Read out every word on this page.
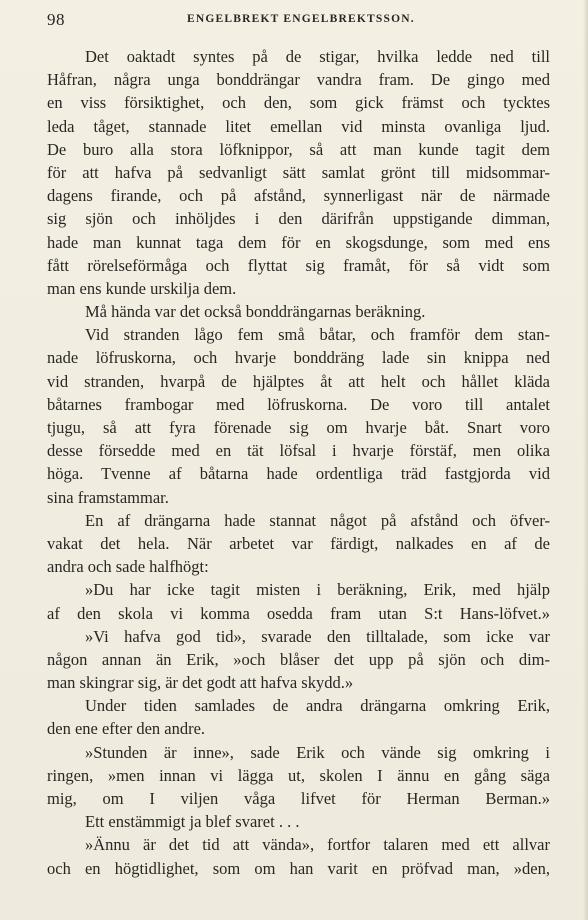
98	ENGELBREKT ENGELBREKTSSON.
Det oaktadt syntes på de stigar, hvilka ledde ned till
Håfran, några unga bonddrängar vandra fram. De gingo med
en viss försiktighet, och den, som gick främst och tycktes
leda tåget, stannade litet emellan vid minsta ovanliga ljud.
De buro alla stora löfknippor, så att man kunde tagit dem
för att hafva på sedvanligt sätt samlat grönt till midsommar-
dagens firande, och på afstånd, synnerligast när de närmade
sig sjön och inhöljdes i den därifrån uppstigande dimman,
hade man kunnat taga dem för en skogsdunge, som med ens
fått rörelseförmåga och flyttat sig framåt, för så vidt som
man ens kunde urskilja dem.
Må hända var det också bonddrängarnas beräkning.
Vid stranden lågo fem små båtar, och framför dem stan-
nade löfruskorna, och hvarje bonddräng lade sin knippa ned
vid stranden, hvarpå de hjälptes åt att helt och hållet kläda
båtarnes frambogar med löfruskorna. De voro till antalet
tjugu, så att fyra förenade sig om hvarje båt. Snart voro
desse försedde med en tät löfsal i hvarje förstäf, men olika
höga. Tvenne af båtarna hade ordentliga träd fastgjorda vid
sina framstammar.
En af drängarna hade stannat något på afstånd och öfver-
vakat det hela. När arbetet var färdigt, nalkades en af de
andra och sade halfhögt:
»Du har icke tagit misten i beräkning, Erik, med hjälp
af den skola vi komma osedda fram utan S:t Hans-löfvet.»
»Vi hafva god tid», svarade den tilltalade, som icke var
någon annan än Erik, »och blåser det upp på sjön och dim-
man skingrar sig, är det godt att hafva skydd.»
Under tiden samlades de andra drängarna omkring Erik,
den ene efter den andre.
»Stunden är inne», sade Erik och vände sig omkring i
ringen, »men innan vi lägga ut, skolen I ännu en gång säga
mig, om I viljen våga lifvet för Herman Berman.»
Ett enstämmigt ja blef svaret . . .
»Ännu är det tid att vända», fortfor talaren med ett allvar
och en högtidlighet, som om han varit en pröfvad man, »den,
